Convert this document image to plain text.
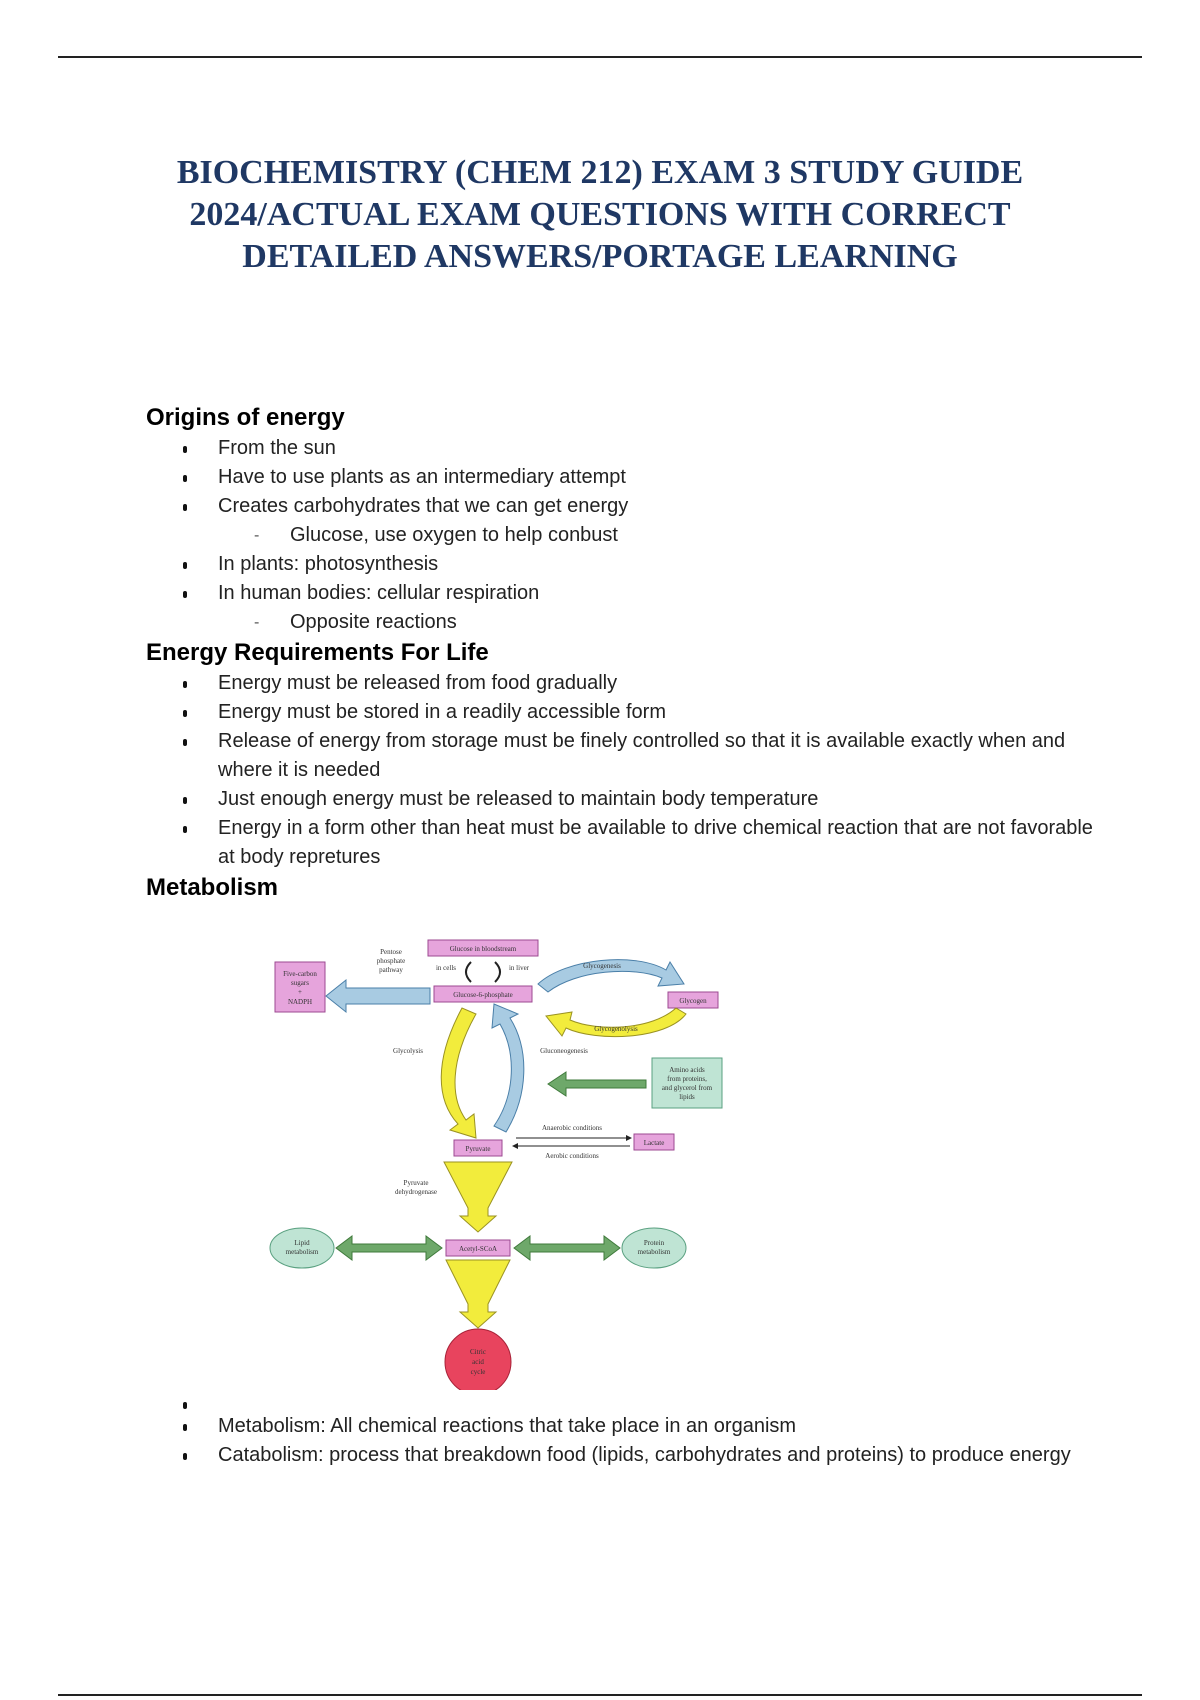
BIOCHEMISTRY (CHEM 212) EXAM 3 STUDY GUIDE
2024/ACTUAL EXAM QUESTIONS WITH CORRECT
DETAILED ANSWERS/PORTAGE LEARNING
Origins of energy
From the sun
Have to use plants as an intermediary attempt
Creates carbohydrates that we can get energy
- Glucose, use oxygen to help conbust
In plants: photosynthesis
In human bodies: cellular respiration
- Opposite reactions
Energy Requirements For Life
Energy must be released from food gradually
Energy must be stored in a readily accessible form
Release of energy from storage must be finely controlled so that it is available exactly when and where it is needed
Just enough energy must be released to maintain body temperature
Energy in a form other than heat must be available to drive chemical reaction that are not favorable at body repretures
Metabolism
Glucose in bloodstream
in cells	in liver
Glucose-6-phosphate
Pentose
phosphate
pathway
Five-carbon
sugars
+
NADPH
Glycogenesis
Glycogen
Glycogenolysis
Glycolysis	Gluconeogenesis
Amino acids
from proteins,
and glycerol from
lipids
Pyruvate
Anaerobic conditions
Aerobic conditions
Lactate
Pyruvate
dehydrogenase
Lipid
metabolism	Acetyl-SCoA
Protein
metabolism
Citric
acid
cycle
Metabolism: All chemical reactions that take place in an organism
Catabolism: process that breakdown food (lipids, carbohydrates and proteins) to produce energy
